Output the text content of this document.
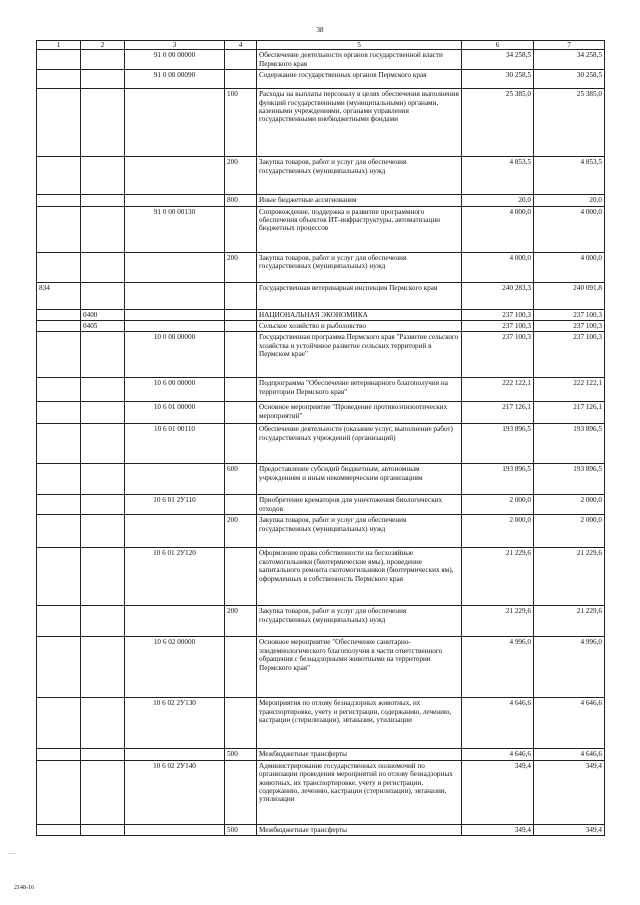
38
1	2	3	4	5	6	7
		91 0 00 00000		Обеспечение деятельности органов государственной власти Пермского края	34 258,5	34 258,5
		91 0 00 00090		Содержание государственных органов Пермского края	30 258,5	30 258,5
			100	Расходы на выплаты персоналу в целях обеспечения выполнения функций государственными (муниципальными) органами, казенными учреждениями, органами управления государственными внебюджетными фондами	25 385,0	25 385,0
			200	Закупка товаров, работ и услуг для обеспечения государственных (муниципальных) нужд	4 853,5	4 853,5
			800	Иные бюджетные ассигнования	20,0	20,0
		91 0 00 00130		Сопровождение, поддержка и развитие программного обеспечения объектов ИТ-инфраструктуры, автоматизации бюджетных процессов	4 000,0	4 000,0
			200	Закупка товаров, работ и услуг для обеспечения государственных (муниципальных) нужд	4 000,0	4 000,0
834				Государственная ветеринарная инспекция Пермского края	240 283,3	240 091,8
	0400			НАЦИОНАЛЬНАЯ ЭКОНОМИКА	237 100,3	237 100,3
	0405			Сельское хозяйство и рыболовство	237 100,3	237 100,3
		10 0 00 00000		Государственная программа Пермского края "Развитие сельского хозяйства и устойчивое развитие сельских территорий в Пермском крае"	237 100,3	237 100,3
		10 6 00 00000		Подпрограмма "Обеспечение ветеринарного благополучия на территории Пермского края"	222 122,1	222 122,1
		10 6 01 00000		Основное мероприятие "Проведение противоэпизоотических мероприятий"	217 126,1	217 126,1
		10 6 01 00110		Обеспечение деятельности (оказание услуг, выполнение работ) государственных учреждений (организаций)	193 896,5	193 896,5
			600	Предоставление субсидий бюджетным, автономным учреждениям и иным некоммерческим организациям	193 896,5	193 896,5
		10 6 01 2У110		Приобретение крематоров для уничтожения биологических отходов	2 000,0	2 000,0
			200	Закупка товаров, работ и услуг для обеспечения государственных (муниципальных) нужд	2 000,0	2 000,0
		10 6 01 2У120		Оформление права собственности на бесхозяйные скотомогильники (биотермические ямы), проведение капитального ремонта скотомогильников (биотермических ям), оформленных в собственность Пермского края	21 229,6	21 229,6
			200	Закупка товаров, работ и услуг для обеспечения государственных (муниципальных) нужд	21 229,6	21 229,6
		10 6 02 00000		Основное мероприятие "Обеспечение санитарно-эпидемиологического благополучия в части ответственного обращения с безнадзорными животными на территории Пермского края"	4 996,0	4 996,0
		10 6 02 2У130		Мероприятия по отлову безнадзорных животных, их транспортировке, учету и регистрации, содержанию, лечению, кастрации (стерилизации), эвтаназии, утилизации	4 646,6	4 646,6
			500	Межбюджетные трансферты	4 646,6	4 646,6
		10 6 02 2У140		Администрирование государственных полномочий по организации проведения мероприятий по отлову безнадзорных животных, их транспортировке, учету и регистрации, содержанию, лечению, кастрации (стерилизации), эвтаназии, утилизации	349,4	349,4
			500	Межбюджетные трансферты	349,4	349,4
.....
2148-16
